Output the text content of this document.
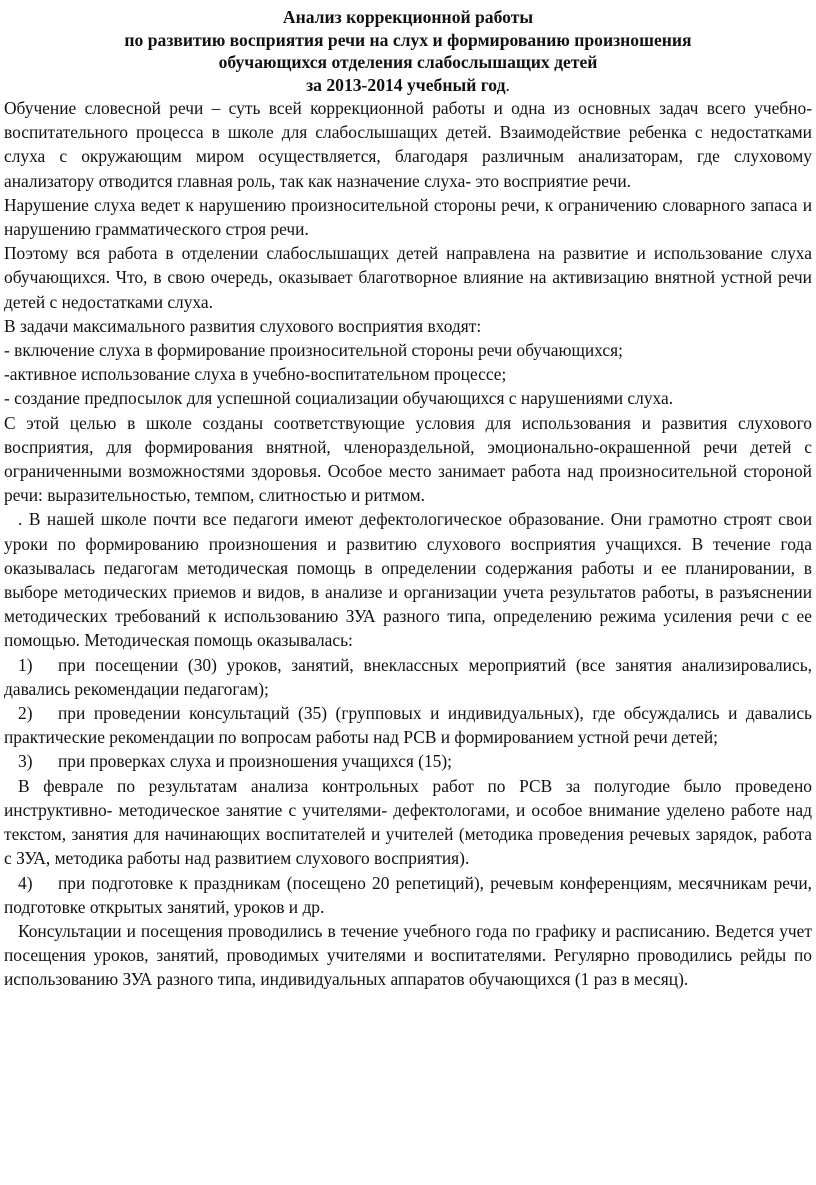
Анализ коррекционной работы
по развитию восприятия речи на слух и формированию произношения
обучающихся отделения слабослышащих детей
за 2013-2014 учебный год.

Обучение словесной речи – суть всей коррекционной работы и одна из основных задач всего учебно- воспитательного процесса в школе для слабослышащих детей. Взаимодействие ребенка с недостатками слуха с окружающим миром осуществляется, благодаря различным анализаторам, где слуховому анализатору отводится главная роль, так как назначение слуха- это восприятие речи.

Нарушение слуха ведет к нарушению произносительной стороны речи, к ограничению словарного запаса и нарушению грамматического строя речи.

Поэтому вся работа в отделении слабослышащих детей направлена на развитие и использование слуха обучающихся. Что, в свою очередь, оказывает благотворное влияние на активизацию внятной устной речи детей с недостатками слуха.

В задачи максимального развития слухового восприятия входят:

- включение слуха в формирование произносительной стороны речи обучающихся;

-активное использование слуха в учебно-воспитательном процессе;

- создание предпосылок для успешной социализации обучающихся с нарушениями слуха.

С этой целью в школе созданы соответствующие условия для использования и развития слухового восприятия, для формирования внятной, членораздельной, эмоционально-окрашенной речи детей с ограниченными возможностями здоровья. Особое место занимает работа над произносительной стороной речи: выразительностью, темпом, слитностью и ритмом.

. В нашей школе почти все педагоги имеют дефектологическое образование. Они грамотно строят свои уроки по формированию произношения и развитию слухового восприятия учащихся. В течение года оказывалась педагогам методическая помощь в определении содержания работы и ее планировании, в выборе методических приемов и видов, в анализе и организации учета результатов работы, в разъяснении методических требований к использованию ЗУА разного типа, определению режима усиления речи с ее помощью. Методическая помощь оказывалась:

1) при посещении (30) уроков, занятий, внеклассных мероприятий (все занятия анализировались, давались рекомендации педагогам);

2) при проведении консультаций (35) (групповых и индивидуальных), где обсуждались и давались практические рекомендации по вопросам работы над РСВ и формированием устной речи детей;

3) при проверках слуха и произношения учащихся (15);

В феврале по результатам анализа контрольных работ по РСВ за полугодие было проведено инструктивно- методическое занятие с учителями- дефектологами, и особое внимание уделено работе над текстом, занятия для начинающих воспитателей и учителей (методика проведения речевых зарядок, работа с ЗУА, методика работы над развитием слухового восприятия).

4) при подготовке к праздникам (посещено 20 репетиций), речевым конференциям, месячникам речи, подготовке открытых занятий, уроков и др.

Консультации и посещения проводились в течение учебного года по графику и расписанию. Ведется учет посещения уроков, занятий, проводимых учителями и воспитателями. Регулярно проводились рейды по использованию ЗУА разного типа, индивидуальных аппаратов обучающихся (1 раз в месяц).
